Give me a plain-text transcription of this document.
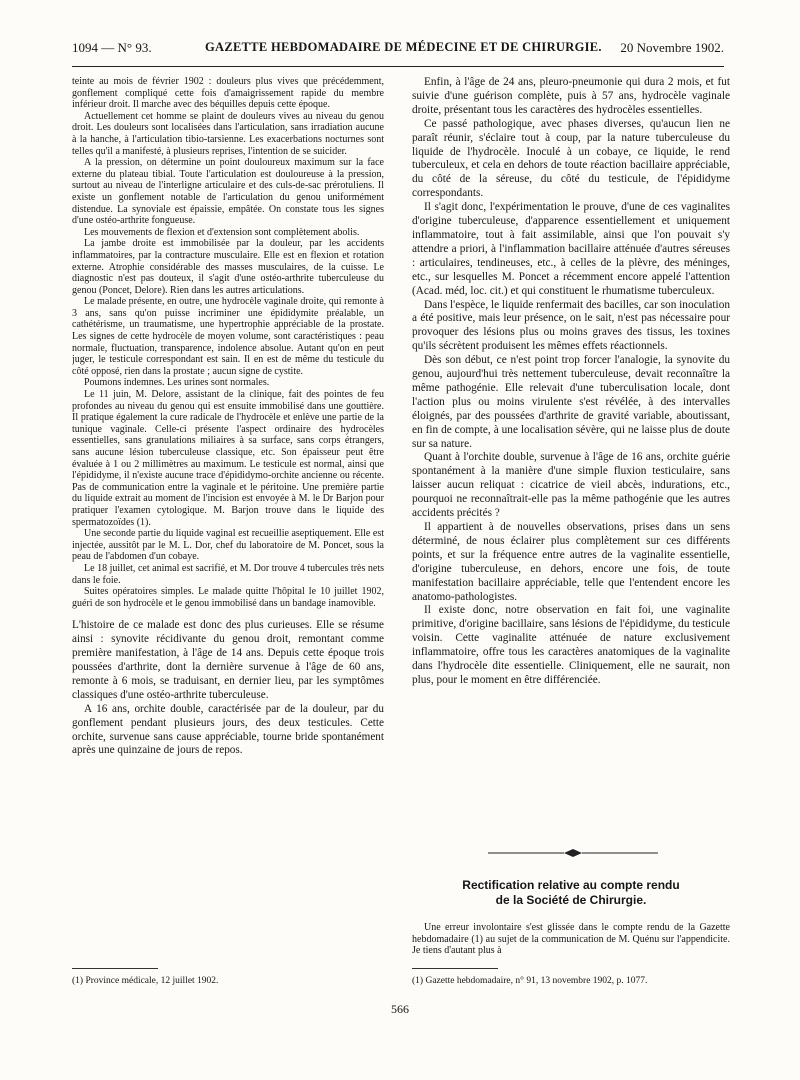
1094 — N° 93.	GAZETTE HEBDOMADAIRE DE MÉDECINE ET DE CHIRURGIE. 20 Novembre 1902.

teinte au mois de février 1902 : douleurs plus vives que précédemment, gonflement compliqué cette fois d'amaigrissement rapide du membre inférieur droit. Il marche avec des béquilles depuis cette époque.

Actuellement cet homme se plaint de douleurs vives au niveau du genou droit. Les douleurs sont localisées dans l'articulation, sans irradiation aucune à la hanche, à l'articulation tibio-tarsienne. Les exacerbations nocturnes sont telles qu'il a manifesté, à plusieurs reprises, l'intention de se suicider.

A la pression, on détermine un point douloureux maximum sur la face externe du plateau tibial. Toute l'articulation est douloureuse à la pression, surtout au niveau de l'interligne articulaire et des culs-de-sac prérotuliens. Il existe un gonflement notable de l'articulation du genou uniformément distendue. La synoviale est épaissie, empâtée. On constate tous les signes d'une ostéo-arthrite fongueuse.

Les mouvements de flexion et d'extension sont complètement abolis.

La jambe droite est immobilisée par la douleur, par les accidents inflammatoires, par la contracture musculaire. Elle est en flexion et rotation externe. Atrophie considérable des masses musculaires, de la cuisse. Le diagnostic n'est pas douteux, il s'agit d'une ostéo-arthrite tuberculeuse du genou (Poncet, Delore). Rien dans les autres articulations.

Le malade présente, en outre, une hydrocèle vaginale droite, qui remonte à 3 ans, sans qu'on puisse incriminer une épididymite préalable, un cathétérisme, un traumatisme, une hypertrophie appréciable de la prostate. Les signes de cette hydrocèle de moyen volume, sont caractéristiques : peau normale, fluctuation, transparence, indolence absolue. Autant qu'on en peut juger, le testicule correspondant est sain. Il en est de même du testicule du côté opposé, rien dans la prostate ; aucun signe de cystite.

Poumons indemnes. Les urines sont normales.

Le 11 juin, M. Delore, assistant de la clinique, fait des pointes de feu profondes au niveau du genou qui est ensuite immobilisé dans une gouttière. Il pratique également la cure radicale de l'hydrocèle et enlève une partie de la tunique vaginale. Celle-ci présente l'aspect ordinaire des hydrocèles essentielles, sans granulations miliaires à sa surface, sans corps étrangers, sans aucune lésion tuberculeuse classique, etc. Son épaisseur peut être évaluée à 1 ou 2 millimètres au maximum. Le testicule est normal, ainsi que l'épididyme, il n'existe aucune trace d'épididymo-orchite ancienne ou récente. Pas de communication entre la vaginale et le péritoine. Une première partie du liquide extrait au moment de l'incision est envoyée à M. le Dr Barjon pour pratiquer l'examen cytologique. M. Barjon trouve dans le liquide des spermatozoïdes (1).

Une seconde partie du liquide vaginal est recueillie aseptiquement. Elle est injectée, aussitôt par le M. L. Dor, chef du laboratoire de M. Poncet, sous la peau de l'abdomen d'un cobaye.

Le 18 juillet, cet animal est sacrifié, et M. Dor trouve 4 tubercules très nets dans le foie.

Suites opératoires simples. Le malade quitte l'hôpital le 10 juillet 1902, guéri de son hydrocèle et le genou immobilisé dans un bandage inamovible.

L'histoire de ce malade est donc des plus curieuses. Elle se résume ainsi : synovite récidivante du genou droit, remontant comme première manifestation, à l'âge de 14 ans. Depuis cette époque trois poussées d'arthrite, dont la dernière survenue à l'âge de 60 ans, remonte à 6 mois, se traduisant, en dernier lieu, par les symptômes classiques d'une ostéo-arthrite tuberculeuse.

A 16 ans, orchite double, caractérisée par de la douleur, par du gonflement pendant plusieurs jours, des deux testicules. Cette orchite, survenue sans cause appréciable, tourne bride spontanément après une quinzaine de jours de repos.

Enfin, à l'âge de 24 ans, pleuro-pneumonie qui dura 2 mois, et fut suivie d'une guérison complète, puis à 57 ans, hydrocèle vaginale droite, présentant tous les caractères des hydrocèles essentielles.

Ce passé pathologique, avec phases diverses, qu'aucun lien ne paraît réunir, s'éclaire tout à coup, par la nature tuberculeuse du liquide de l'hydrocèle. Inoculé à un cobaye, ce liquide, le rend tuberculeux, et cela en dehors de toute réaction bacillaire appréciable, du côté de la séreuse, du côté du testicule, de l'épididyme correspondants.

Il s'agit donc, l'expérimentation le prouve, d'une de ces vaginalites d'origine tuberculeuse, d'apparence essentiellement et uniquement inflammatoire, tout à fait assimilable, ainsi que l'on pouvait s'y attendre a priori, à l'inflammation bacillaire atténuée d'autres séreuses : articulaires, tendineuses, etc., à celles de la plèvre, des méninges, etc., sur lesquelles M. Poncet a récemment encore appelé l'attention (Acad. méd, loc. cit.) et qui constituent le rhumatisme tuberculeux.

Dans l'espèce, le liquide renfermait des bacilles, car son inoculation a été positive, mais leur présence, on le sait, n'est pas nécessaire pour provoquer des lésions plus ou moins graves des tissus, les toxines qu'ils sécrètent produisent les mêmes effets réactionnels.

Dès son début, ce n'est point trop forcer l'analogie, la synovite du genou, aujourd'hui très nettement tuberculeuse, devait reconnaître la même pathogénie. Elle relevait d'une tuberculisation locale, dont l'action plus ou moins virulente s'est révélée, à des intervalles éloignés, par des poussées d'arthrite de gravité variable, aboutissant, en fin de compte, à une localisation sévère, qui ne laisse plus de doute sur sa nature.

Quant à l'orchite double, survenue à l'âge de 16 ans, orchite guérie spontanément à la manière d'une simple fluxion testiculaire, sans laisser aucun reliquat : cicatrice de vieil abcès, indurations, etc., pourquoi ne reconnaîtrait-elle pas la même pathogénie que les autres accidents précités ?

Il appartient à de nouvelles observations, prises dans un sens déterminé, de nous éclairer plus complètement sur ces différents points, et sur la fréquence entre autres de la vaginalite essentielle, d'origine tuberculeuse, en dehors, encore une fois, de toute manifestation bacillaire appréciable, telle que l'entendent encore les anatomo-pathologistes.

Il existe donc, notre observation en fait foi, une vaginalite primitive, d'origine bacillaire, sans lésions de l'épididyme, du testicule voisin. Cette vaginalite atténuée de nature exclusivement inflammatoire, offre tous les caractères anatomiques de la vaginalite dans l'hydrocèle dite essentielle. Cliniquement, elle ne saurait, non plus, pour le moment en être différenciée.

Rectification relative au compte rendu
de la Société de Chirurgie.

Une erreur involontaire s'est glissée dans le compte rendu de la Gazette hebdomadaire (1) au sujet de la communication de M. Quénu sur l'appendicite. Je tiens d'autant plus à

(1) Province médicale, 12 juillet 1902.	(1) Gazette hebdomadaire, n° 91, 13 novembre 1902, p. 1077.
566
